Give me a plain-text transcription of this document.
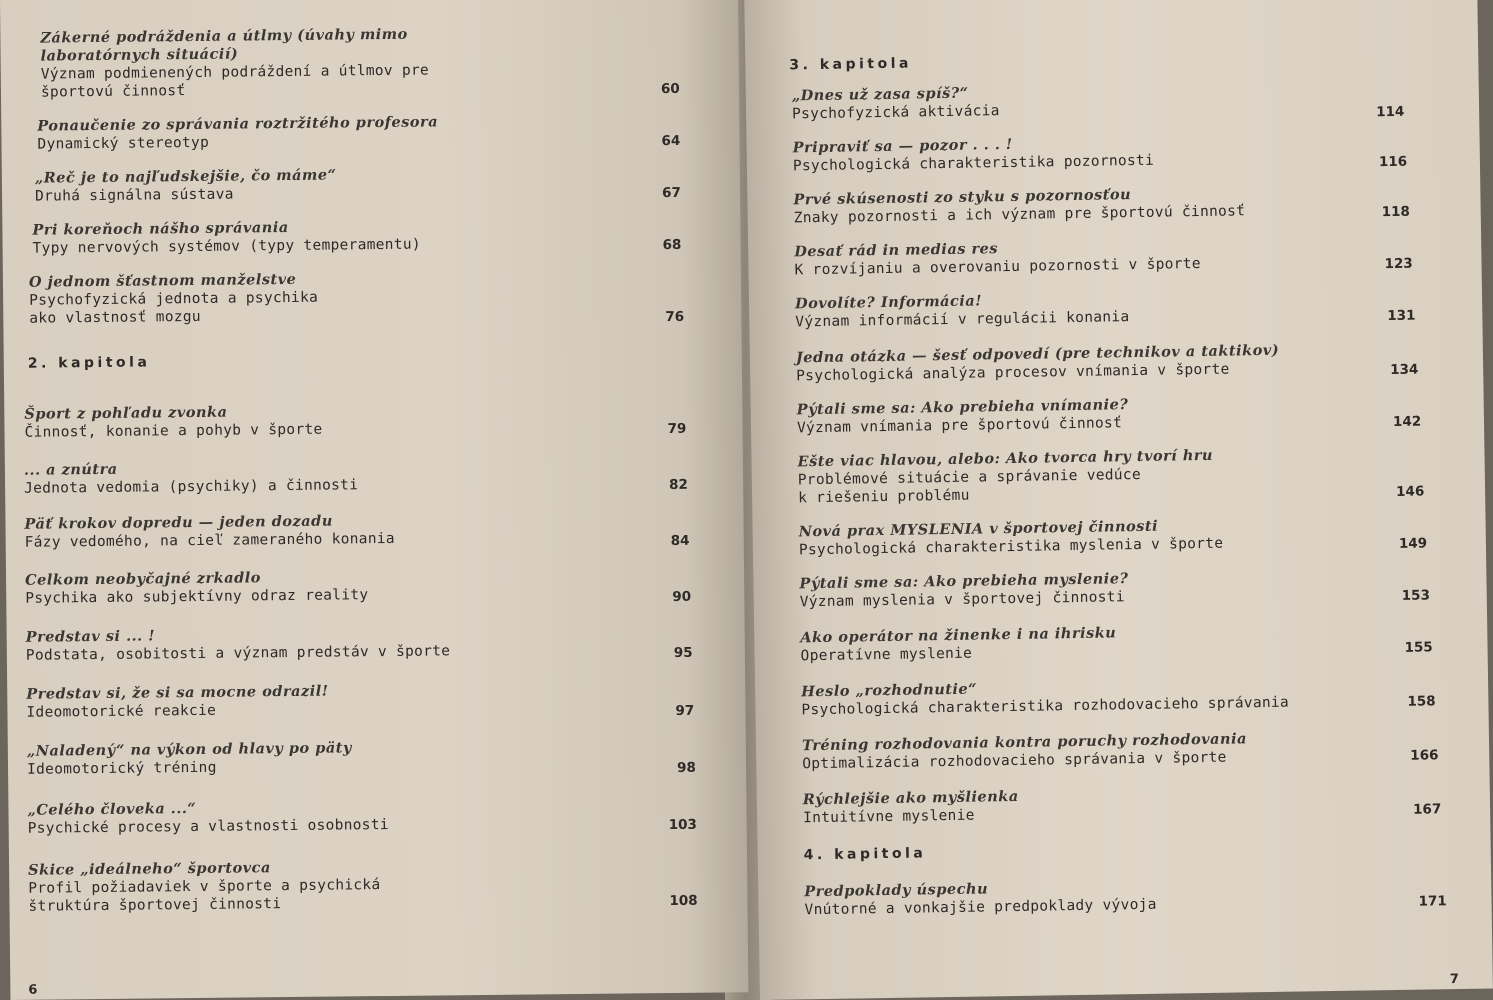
Zákerné podráždenia a útlmy (úvahy mimo
laboratórnych situácií)
Význam podmienených podráždení a útlmov pre
športovú činnosť	60
Ponaučenie zo správania roztržitého profesora
Dynamický stereotyp	64
„Reč je to najľudskejšie, čo máme“
Druhá signálna sústava	67
Pri koreňoch nášho správania
Typy nervových systémov (typy temperamentu)	68
O jednom šťastnom manželstve
Psychofyzická jednota a psychika
ako vlastnosť mozgu	76
2. kapitola
Šport z pohľadu zvonka
Činnosť, konanie a pohyb v športe	79
... a znútra
Jednota vedomia (psychiky) a činnosti	82
Päť krokov dopredu — jeden dozadu
Fázy vedomého, na cieľ zameraného konania	84
Celkom neobyčajné zrkadlo
Psychika ako subjektívny odraz reality	90
Predstav si ... !
Podstata, osobitosti a význam predstáv v športe	95
Predstav si, že si sa mocne odrazil!
Ideomotorické reakcie	97
„Naladený“ na výkon od hlavy po päty
Ideomotorický tréning	98
„Celého človeka ...“
Psychické procesy a vlastnosti osobnosti	103
Skice „ideálneho“ športovca
Profil požiadaviek v športe a psychická
štruktúra športovej činnosti	108
6
3. kapitola
„Dnes už zasa spíš?“
Psychofyzická aktivácia	114
Pripraviť sa — pozor . . . !
Psychologická charakteristika pozornosti	116
Prvé skúsenosti zo styku s pozornosťou
Znaky pozornosti a ich význam pre športovú činnosť	118
Desať rád in medias res
K rozvíjaniu a overovaniu pozornosti v športe	123
Dovolíte? Informácia!
Význam informácií v regulácii konania	131
Jedna otázka — šesť odpovedí (pre technikov a taktikov)
Psychologická analýza procesov vnímania v športe	134
Pýtali sme sa: Ako prebieha vnímanie?
Význam vnímania pre športovú činnosť	142
Ešte viac hlavou, alebo: Ako tvorca hry tvorí hru
Problémové situácie a správanie vedúce
k riešeniu problému	146
Nová prax MYSLENIA v športovej činnosti
Psychologická charakteristika myslenia v športe	149
Pýtali sme sa: Ako prebieha myslenie?
Význam myslenia v športovej činnosti	153
Ako operátor na žinenke i na ihrisku
Operatívne myslenie	155
Heslo „rozhodnutie“
Psychologická charakteristika rozhodovacieho správania	158
Tréning rozhodovania kontra poruchy rozhodovania
Optimalizácia rozhodovacieho správania v športe	166
Rýchlejšie ako myšlienka
Intuitívne myslenie	167
4. kapitola
Predpoklady úspechu
Vnútorné a vonkajšie predpoklady vývoja	171
7
